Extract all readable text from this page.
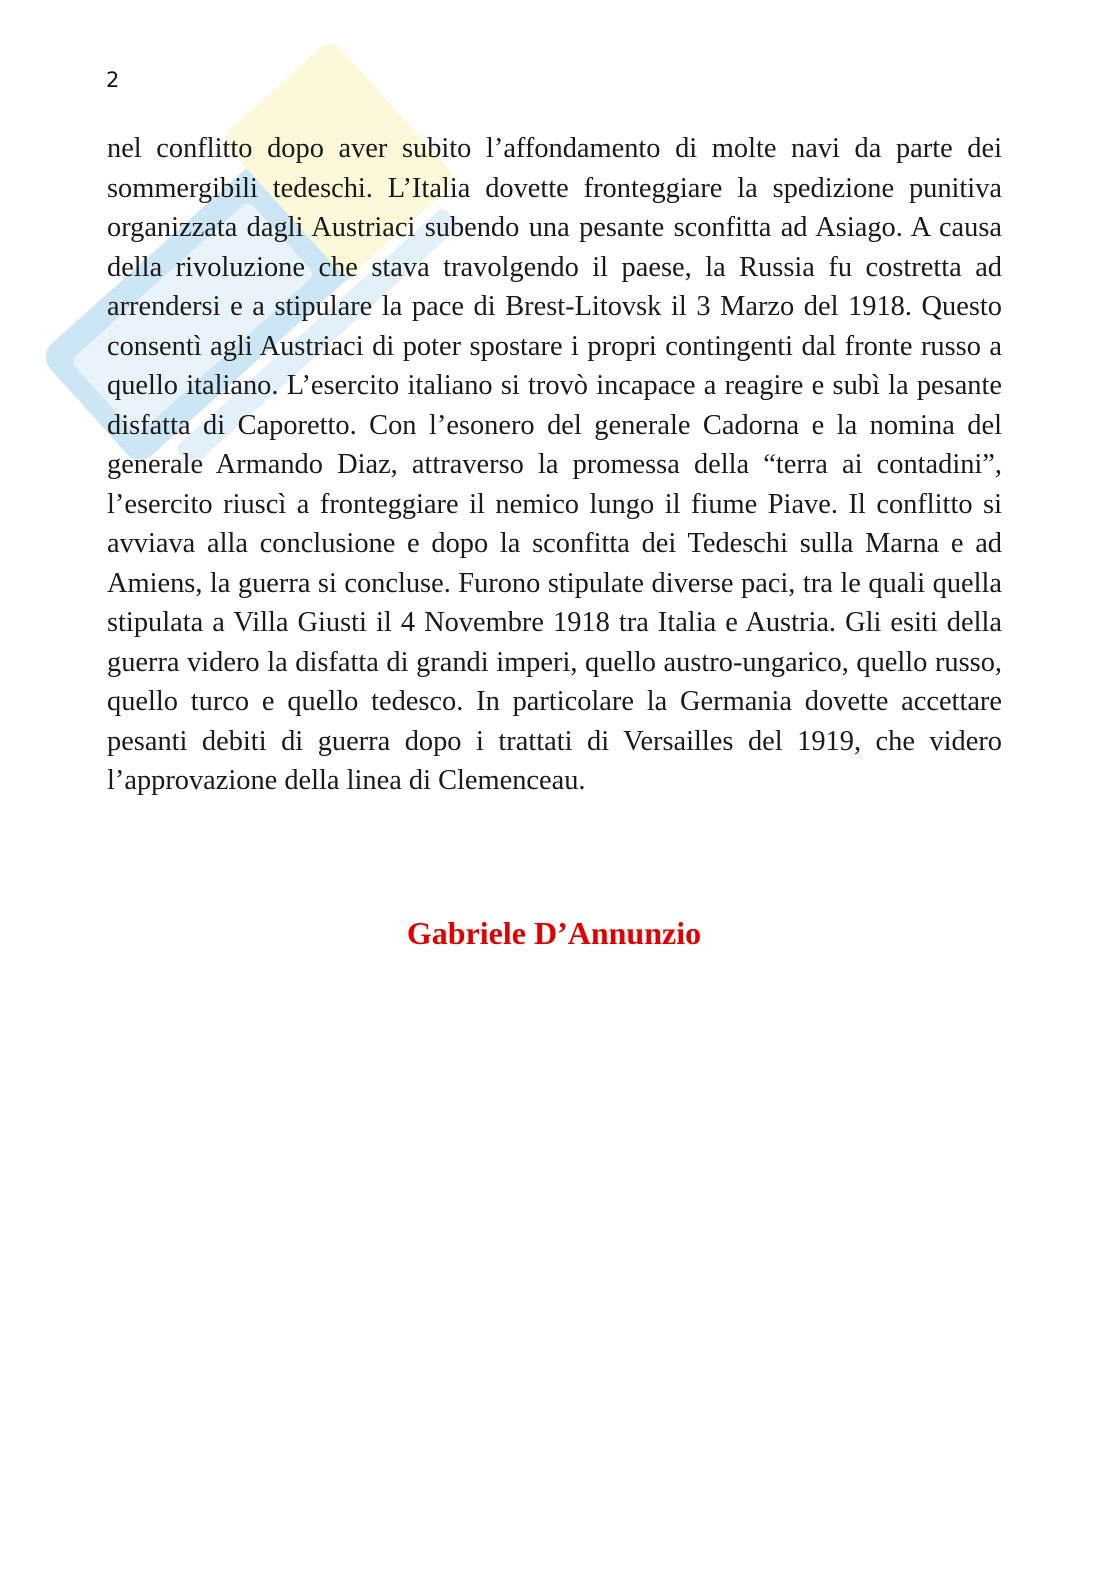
2

nel conflitto dopo aver subito l’affondamento di molte navi da parte dei sommergibili tedeschi. L’Italia dovette fronteggiare la spedizione punitiva organizzata dagli Austriaci subendo una pesante sconfitta ad Asiago. A causa della rivoluzione che stava travolgendo il paese, la Russia fu costretta ad arrendersi e a stipulare la pace di Brest-Litovsk il 3 Marzo del 1918. Questo consentì agli Austriaci di poter spostare i propri contingenti dal fronte russo a quello italiano. L’esercito italiano si trovò incapace a reagire e subì la pesante disfatta di Caporetto. Con l’esonero del generale Cadorna e la nomina del generale Armando Diaz, attraverso la promessa della “terra ai contadini”, l’esercito riuscì a fronteggiare il nemico lungo il fiume Piave. Il conflitto si avviava alla conclusione e dopo la sconfitta dei Tedeschi sulla Marna e ad Amiens, la guerra si concluse. Furono stipulate diverse paci, tra le quali quella stipulata a Villa Giusti il 4 Novembre 1918 tra Italia e Austria. Gli esiti della guerra videro la disfatta di grandi imperi, quello austro-ungarico, quello russo, quello turco e quello tedesco. In particolare la Germania dovette accettare pesanti debiti di guerra dopo i trattati di Versailles del 1919, che videro l’approvazione della linea di Clemenceau.

Gabriele D’Annunzio
